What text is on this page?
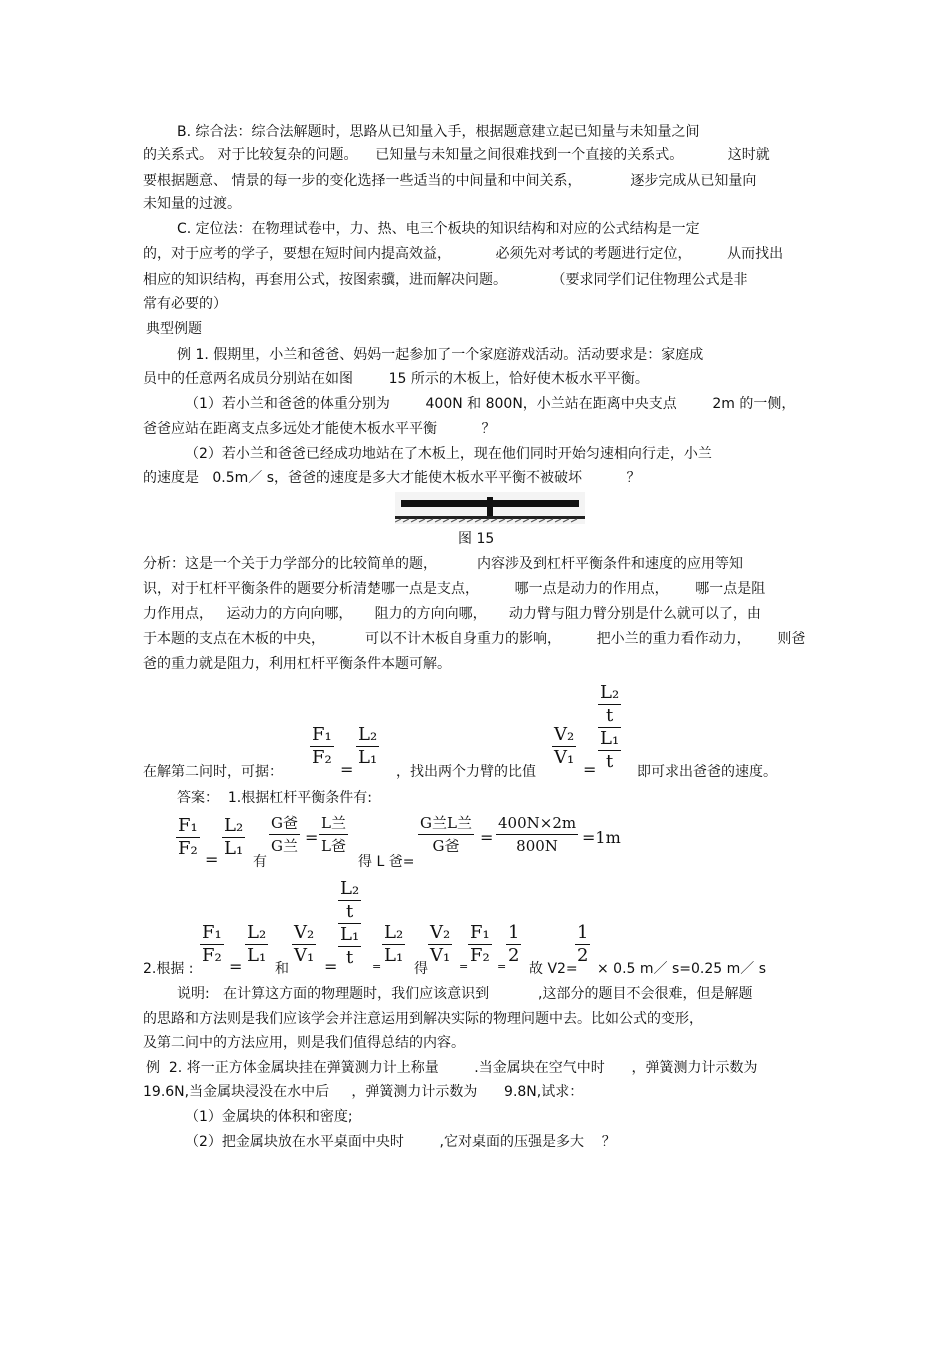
B. 综合法：综合法解题时，思路从已知量入手，根据题意建立起已知量与未知量之间
的关系式。 对于比较复杂的问题。    已知量与未知量之间很难找到一个直接的关系式。          这时就
要根据题意、 情景的每一步的变化选择一些适当的中间量和中间关系，           逐步完成从已知量向
未知量的过渡。
C. 定位法：在物理试卷中，力、热、电三个板块的知识结构和对应的公式结构是一定
的，对于应考的学子，要想在短时间内提高效益，          必须先对考试的考题进行定位，        从而找出
相应的知识结构，再套用公式，按图索骥，进而解决问题。          （要求同学们记住物理公式是非
常有必要的）
典型例题
例 1. 假期里，小兰和爸爸、妈妈一起参加了一个家庭游戏活动。活动要求是：家庭成
员中的任意两名成员分别站在如图        15 所示的木板上，恰好使木板水平平衡。
（1）若小兰和爸爸的体重分别为        400N 和 800N，小兰站在距离中央支点        2m 的一侧，
爸爸应站在距离支点多远处才能使木板水平平衡          ？
（2）若小兰和爸爸已经成功地站在了木板上，现在他们同时开始匀速相向行走，小兰
的速度是   0.5m／ s，爸爸的速度是多大才能使木板水平平衡不被破坏          ？
图 15
分析：这是一个关于力学部分的比较简单的题，         内容涉及到杠杆平衡条件和速度的应用等知
识，对于杠杆平衡条件的题要分析清楚哪一点是支点，        哪一点是动力的作用点，      哪一点是阻
力作用点，   运动力的方向向哪，     阻力的方向向哪，     动力臂与阻力臂分别是什么就可以了，由
于本题的支点在木板的中央，         可以不计木板自身重力的影响，        把小兰的重力看作动力，      则爸
爸的重力就是阻力，利用杠杆平衡条件本题可解。
在解第二问时，可据：
F₁
F₂
=
L₂
L₁
，找出两个力臂的比值
V₂
V₁
=
$\frac{\text{L₂}}{t}$
$\frac{\text{L₁}}{t}$ 即可求出爸爸的速度。
答案：  1.根据杠杆平衡条件有:
F₁
F₂
=
L₂
L₁
有
G爸
G兰 =
L兰
L爸
得 L 爸=
G兰L兰
G爸	=
400N×2m
800N	=1m
2.根据 :
F₁
F₂
=
L₂
L₁
和
V₂
V₁
=
$\frac{\text{L₂}}{t}$
$\frac{\text{L₁}}{t}$ =
L₂
L₁
得
V₂
V₁
=
F₁
F₂
=
1
2
故 V2=
1
2
× 0.5 m／ s=0.25 m／ s
说明:   在计算这方面的物理题时，我们应该意识到           ,这部分的题目不会很难，但是解题
的思路和方法则是我们应该学会并注意运用到解决实际的物理问题中去。比如公式的变形，
及第二问中的方法应用，则是我们值得总结的内容。
例  2. 将一正方体金属块挂在弹簧测力计上称量        .当金属块在空气中时      ，弹簧测力计示数为
19.6N,当金属块浸没在水中后     ，弹簧测力计示数为      9.8N,试求：
（1）金属块的体积和密度;
（2）把金属块放在水平桌面中央时        ,它对桌面的压强是多大    ？
